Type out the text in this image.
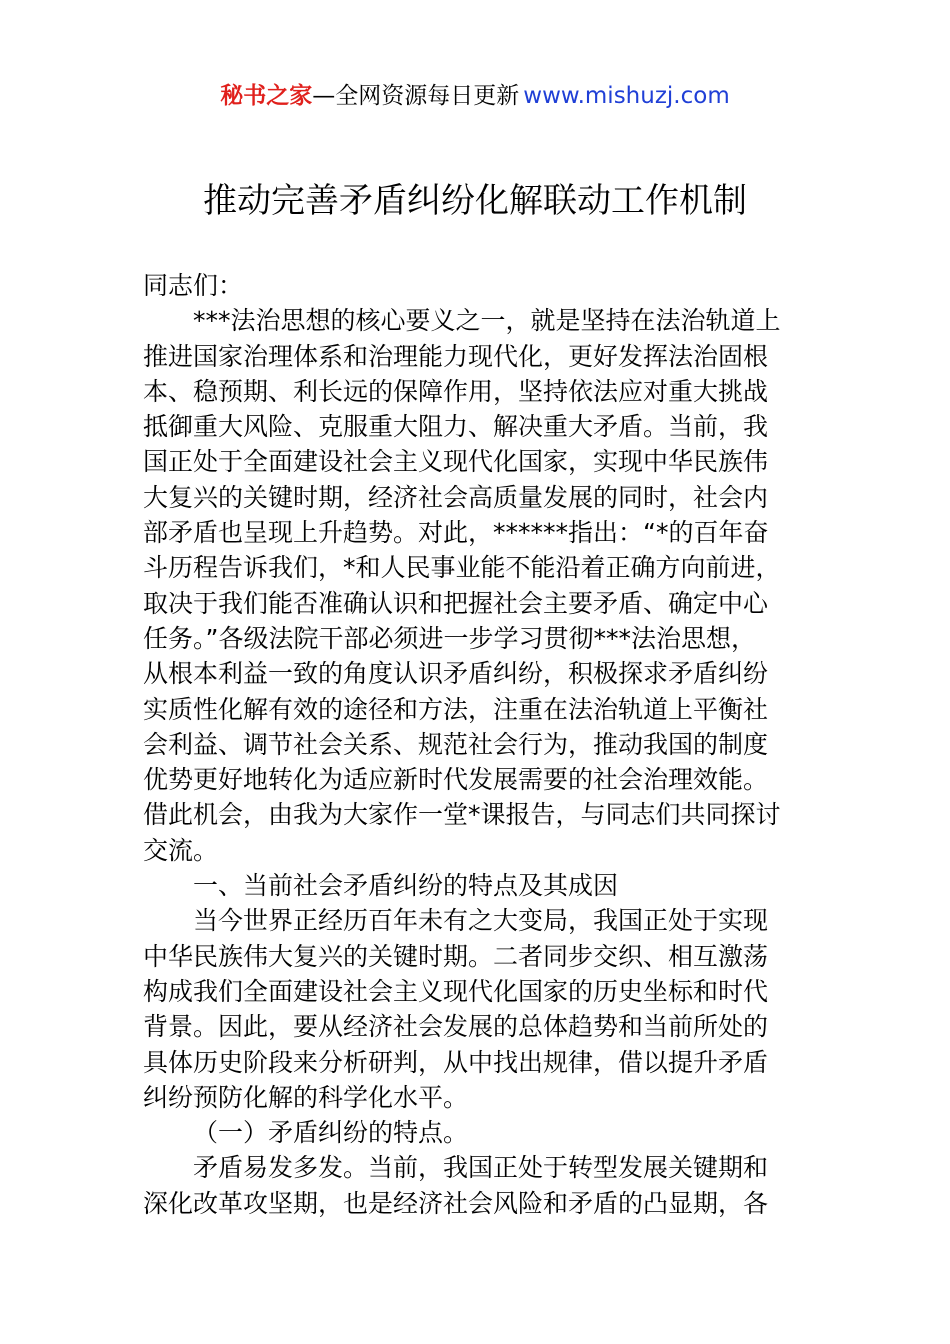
秘书之家—全网资源每日更新 www.mishuzj.com
推动完善矛盾纠纷化解联动工作机制
同志们：
***法治思想的核心要义之一，就是坚持在法治轨道上
推进国家治理体系和治理能力现代化，更好发挥法治固根
本、稳预期、利长远的保障作用，坚持依法应对重大挑战
抵御重大风险、克服重大阻力、解决重大矛盾。当前，我
国正处于全面建设社会主义现代化国家，实现中华民族伟
大复兴的关键时期，经济社会高质量发展的同时，社会内
部矛盾也呈现上升趋势。对此，******指出：“*的百年奋
斗历程告诉我们，*和人民事业能不能沿着正确方向前进，
取决于我们能否准确认识和把握社会主要矛盾、确定中心
任务。”各级法院干部必须进一步学习贯彻***法治思想，
从根本利益一致的角度认识矛盾纠纷，积极探求矛盾纠纷
实质性化解有效的途径和方法，注重在法治轨道上平衡社
会利益、调节社会关系、规范社会行为，推动我国的制度
优势更好地转化为适应新时代发展需要的社会治理效能。
借此机会，由我为大家作一堂*课报告，与同志们共同探讨
交流。
一、当前社会矛盾纠纷的特点及其成因
当今世界正经历百年未有之大变局，我国正处于实现
中华民族伟大复兴的关键时期。二者同步交织、相互激荡
构成我们全面建设社会主义现代化国家的历史坐标和时代
背景。因此，要从经济社会发展的总体趋势和当前所处的
具体历史阶段来分析研判，从中找出规律，借以提升矛盾
纠纷预防化解的科学化水平。
（一）矛盾纠纷的特点。
矛盾易发多发。当前，我国正处于转型发展关键期和
深化改革攻坚期，也是经济社会风险和矛盾的凸显期，各
